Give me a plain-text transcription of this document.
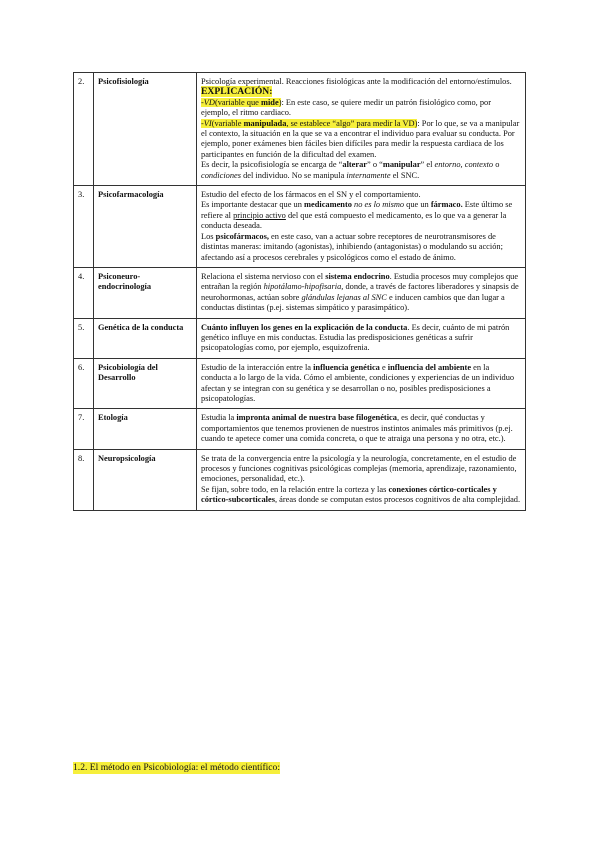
2.	Psicofisiología	Psicología experimental. Reacciones fisiológicas ante la modificación del entorno/estímulos.
EXPLICACIÓN:
-VD(variable que mide): En este caso, se quiere medir un patrón fisiológico como, por ejemplo, el ritmo cardiaco.
-VI(variable manipulada, se establece “algo” para medir la VD): Por lo que, se va a manipular el contexto, la situación en la que se va a encontrar el individuo para evaluar su conducta. Por ejemplo, poner exámenes bien fáciles bien difíciles para medir la respuesta cardiaca de los participantes en función de la dificultad del examen.
Es decir, la psicofisiología se encarga de “alterar” o “manipular” el entorno, contexto o condiciones del individuo. No se manipula internamente el SNC.

3.	Psicofarmacología	Estudio del efecto de los fármacos en el SN y el comportamiento.
Es importante destacar que un medicamento no es lo mismo que un fármaco. Este último se refiere al principio activo del que está compuesto el medicamento, es lo que va a generar la conducta deseada.
Los psicofármacos, en este caso, van a actuar sobre receptores de neurotransmisores de distintas maneras: imitando (agonistas), inhibiendo (antagonistas) o modulando su acción; afectando así a procesos cerebrales y psicológicos como el estado de ánimo.

4.	Psiconeuro-endocrinología	Relaciona el sistema nervioso con el sistema endocrino. Estudia procesos muy complejos que entrañan la región hipotálamo-hipofisaria, donde, a través de factores liberadores y sinapsis de neurohormonas, actúan sobre glándulas lejanas al SNC e inducen cambios que dan lugar a conductas distintas (p.ej. sistemas simpático y parasimpático).

5.	Genética de la conducta	Cuánto influyen los genes en la explicación de la conducta. Es decir, cuánto de mi patrón genético influye en mis conductas. Estudia las predisposiciones genéticas a sufrir psicopatologías como, por ejemplo, esquizofrenia.

6.	Psicobiología del Desarrollo	Estudio de la interacción entre la influencia genética e influencia del ambiente en la conducta a lo largo de la vida. Cómo el ambiente, condiciones y experiencias de un individuo afectan y se integran con su genética y se desarrollan o no, posibles predisposiciones a psicopatologías.

7.	Etología	Estudia la impronta animal de nuestra base filogenética, es decir, qué conductas y comportamientos que tenemos provienen de nuestros instintos animales más primitivos (p.ej. cuando te apetece comer una comida concreta, o que te atraiga una persona y no otra, etc.).

8.	Neuropsicología	Se trata de la convergencia entre la psicología y la neurología, concretamente, en el estudio de procesos y funciones cognitivas psicológicas complejas (memoria, aprendizaje, razonamiento, emociones, personalidad, etc.).
Se fijan, sobre todo, en la relación entre la corteza y las conexiones córtico-corticales y córtico-subcorticales, áreas donde se computan estos procesos cognitivos de alta complejidad.
1.2. El método en Psicobiología: el método científico:
